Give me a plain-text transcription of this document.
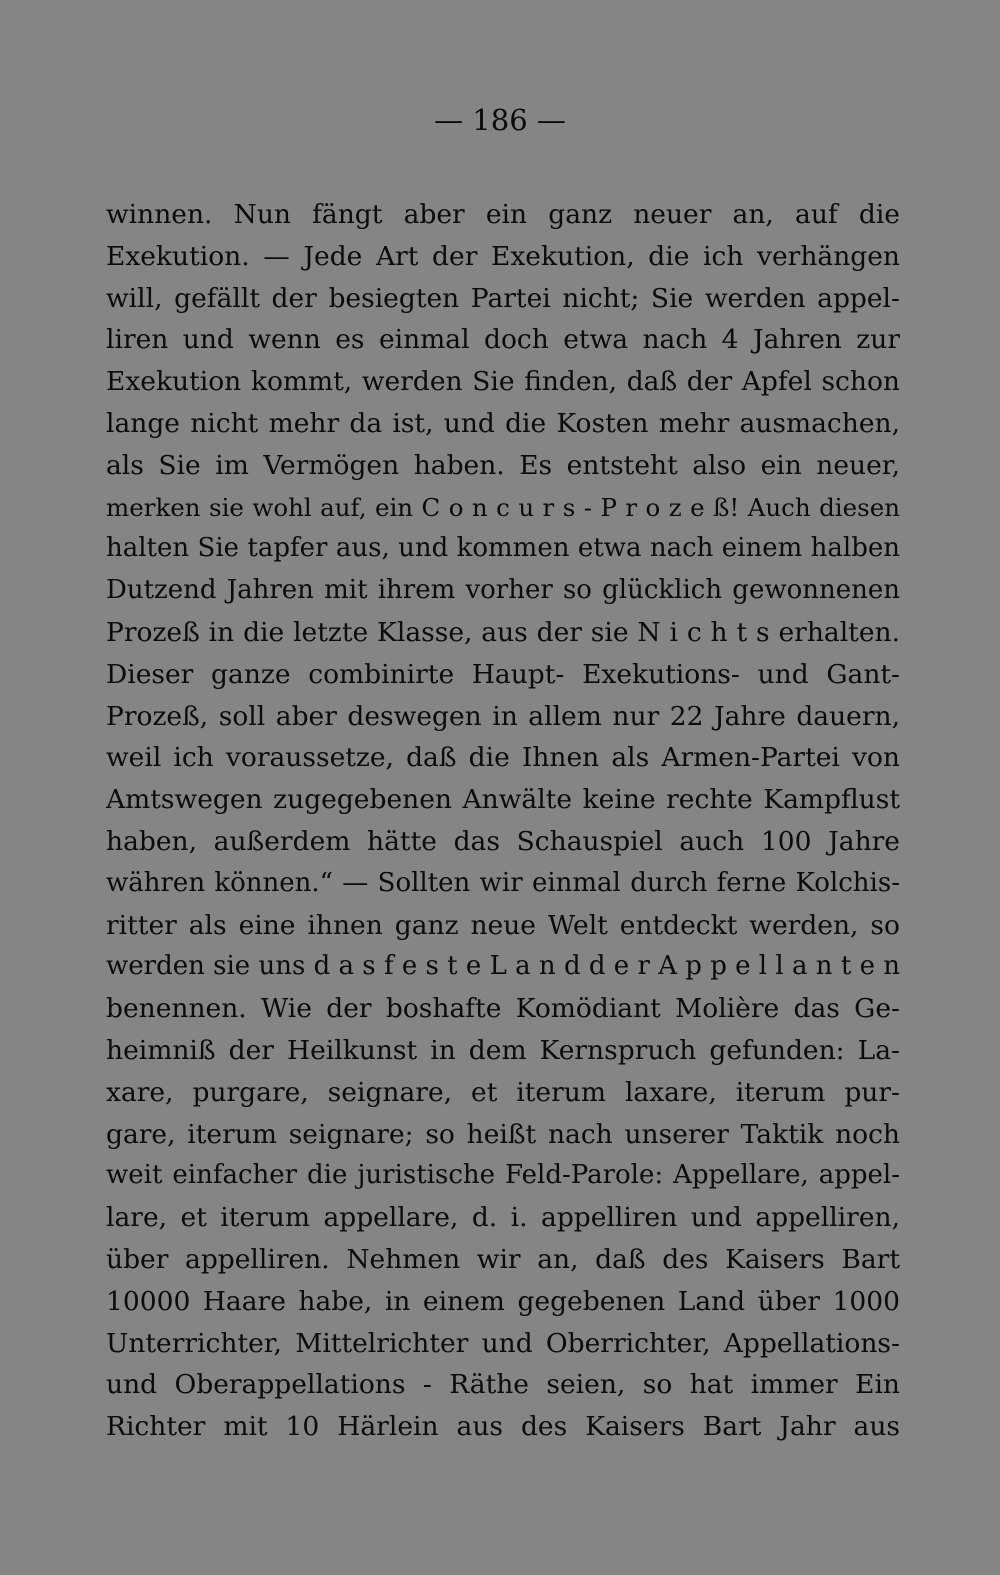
— 186 —
winnen. Nun fängt aber ein ganz neuer an, auf die
Exekution. — Jede Art der Exekution, die ich verhängen
will, gefällt der besiegten Partei nicht; Sie werden appel-
liren und wenn es einmal doch etwa nach 4 Jahren zur
Exekution kommt, werden Sie finden, daß der Apfel schon
lange nicht mehr da ist, und die Kosten mehr ausmachen,
als Sie im Vermögen haben. Es entsteht also ein neuer,
merken sie wohl auf, ein C o n c u r s - P r o z e ß! Auch diesen
halten Sie tapfer aus, und kommen etwa nach einem halben
Dutzend Jahren mit ihrem vorher so glücklich gewonnenen
Prozeß in die letzte Klasse, aus der sie N i c h t s erhalten.
Dieser ganze combinirte Haupt- Exekutions- und Gant-
Prozeß, soll aber deswegen in allem nur 22 Jahre dauern,
weil ich voraussetze, daß die Ihnen als Armen-Partei von
Amtswegen zugegebenen Anwälte keine rechte Kampflust
haben, außerdem hätte das Schauspiel auch 100 Jahre
währen können.“ — Sollten wir einmal durch ferne Kolchis-
ritter als eine ihnen ganz neue Welt entdeckt werden, so
werden sie uns d a s f e s t e L a n d d e r A p p e l l a n t e n
benennen. Wie der boshafte Komödiant Molière das Ge-
heimniß der Heilkunst in dem Kernspruch gefunden: La-
xare, purgare, seignare, et iterum laxare, iterum pur-
gare, iterum seignare; so heißt nach unserer Taktik noch
weit einfacher die juristische Feld-Parole: Appellare, appel-
lare, et iterum appellare, d. i. appelliren und appelliren,
über appelliren. Nehmen wir an, daß des Kaisers Bart
10000 Haare habe, in einem gegebenen Land über 1000
Unterrichter, Mittelrichter und Oberrichter, Appellations-
und Oberappellations - Räthe seien, so hat immer Ein
Richter mit 10 Härlein aus des Kaisers Bart Jahr aus
